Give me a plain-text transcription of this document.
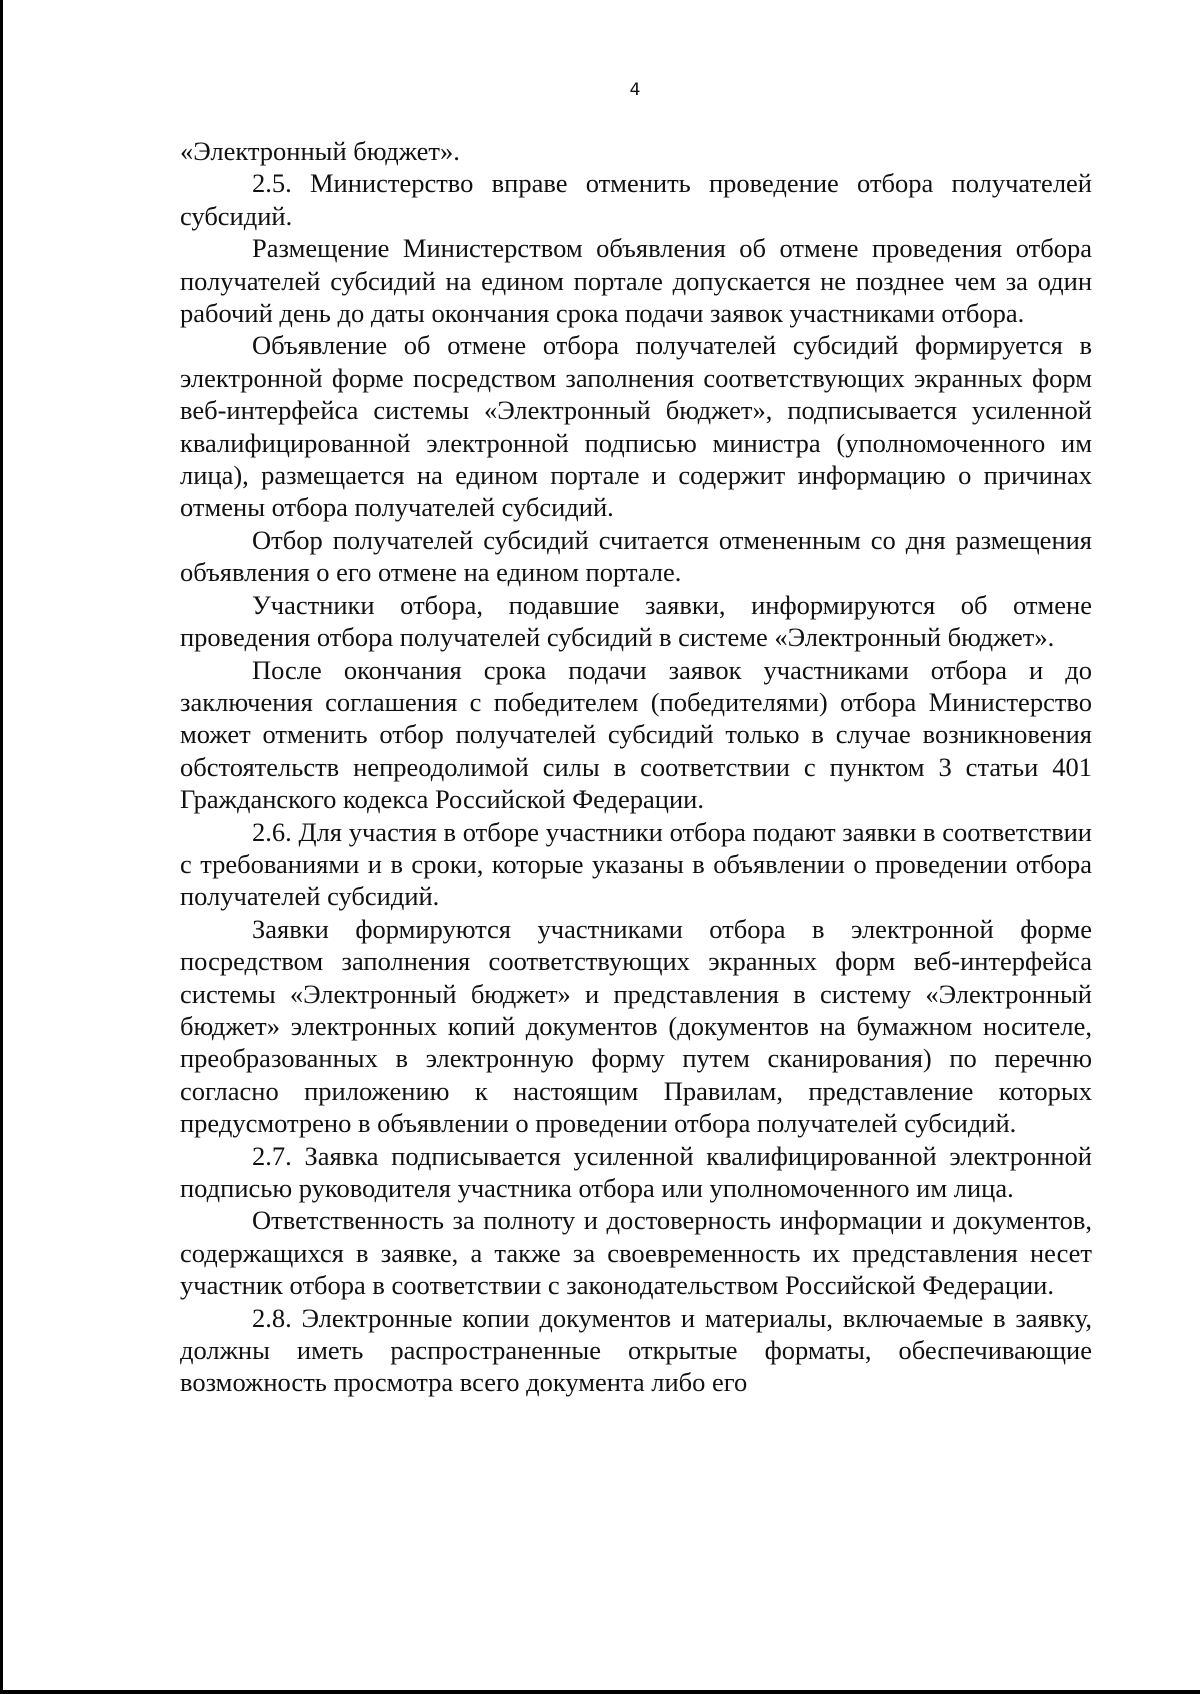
4

«Электронный бюджет».

2.5. Министерство вправе отменить проведение отбора получателей субсидий.

Размещение Министерством объявления об отмене проведения отбора получателей субсидий на едином портале допускается не позднее чем за один рабочий день до даты окончания срока подачи заявок участниками отбора.

Объявление об отмене отбора получателей субсидий формируется в электронной форме посредством заполнения соответствующих экранных форм веб-интерфейса системы «Электронный бюджет», подписывается усиленной квалифицированной электронной подписью министра (уполномоченного им лица), размещается на едином портале и содержит информацию о причинах отмены отбора получателей субсидий.

Отбор получателей субсидий считается отмененным со дня размещения объявления о его отмене на едином портале.

Участники отбора, подавшие заявки, информируются об отмене проведения отбора получателей субсидий в системе «Электронный бюджет».

После окончания срока подачи заявок участниками отбора и до заключения соглашения с победителем (победителями) отбора Министерство может отменить отбор получателей субсидий только в случае возникновения обстоятельств непреодолимой силы в соответствии с пунктом 3 статьи 401 Гражданского кодекса Российской Федерации.

2.6. Для участия в отборе участники отбора подают заявки в соответствии с требованиями и в сроки, которые указаны в объявлении о проведении отбора получателей субсидий.

Заявки формируются участниками отбора в электронной форме посредством заполнения соответствующих экранных форм веб-интерфейса системы «Электронный бюджет» и представления в систему «Электронный бюджет» электронных копий документов (документов на бумажном носителе, преобразованных в электронную форму путем сканирования) по перечню согласно приложению к настоящим Правилам, представление которых предусмотрено в объявлении о проведении отбора получателей субсидий.

2.7. Заявка подписывается усиленной квалифицированной электронной подписью руководителя участника отбора или уполномоченного им лица.

Ответственность за полноту и достоверность информации и документов, содержащихся в заявке, а также за своевременность их представления несет участник отбора в соответствии с законодательством Российской Федерации.

2.8. Электронные копии документов и материалы, включаемые в заявку, должны иметь распространенные открытые форматы, обеспечивающие возможность просмотра всего документа либо его
